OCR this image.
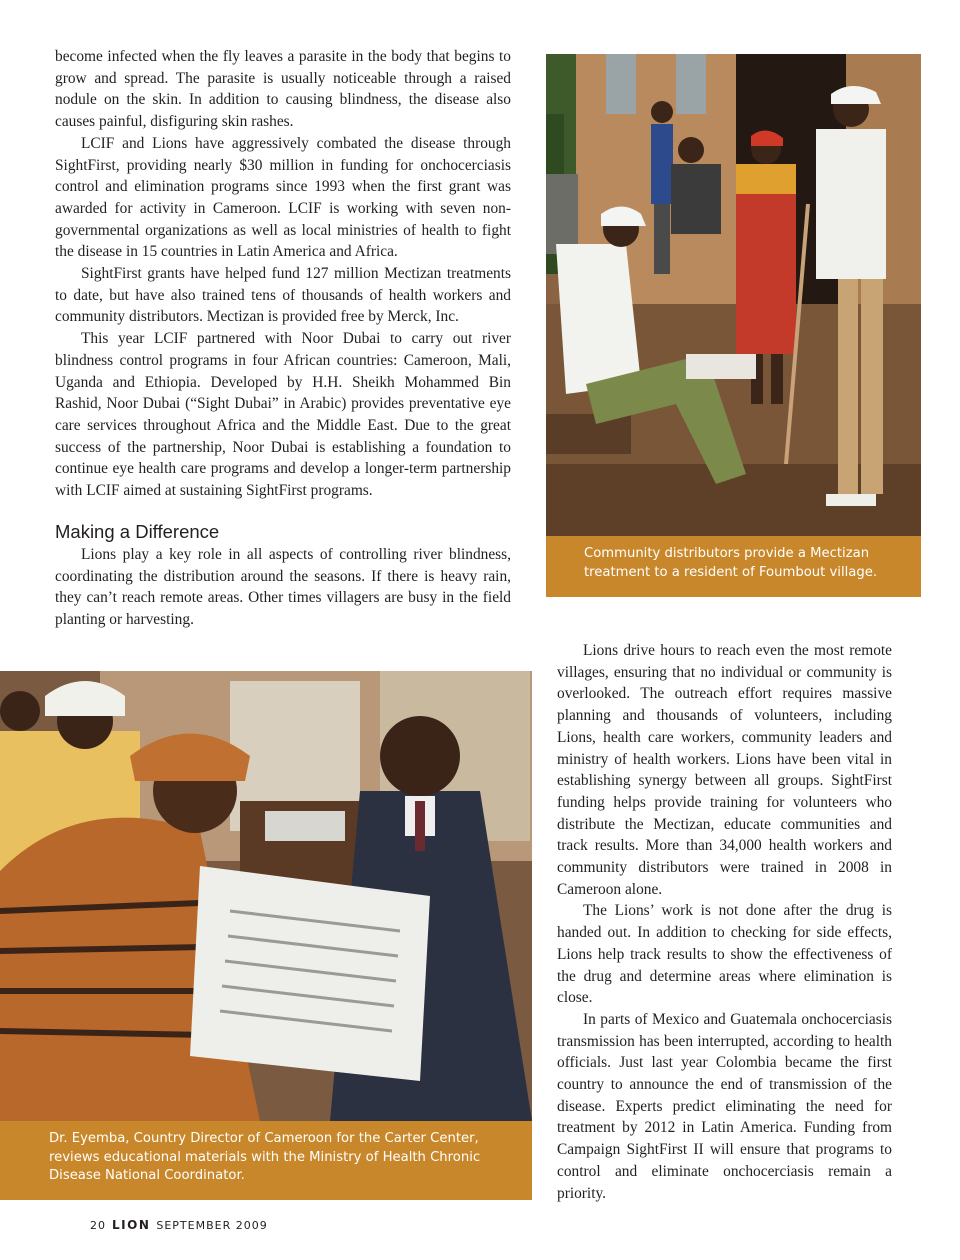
become infected when the fly leaves a parasite in the body that begins to grow and spread. The parasite is usually noticeable through a raised nodule on the skin. In addition to causing blindness, the disease also causes painful, disfiguring skin rashes.

LCIF and Lions have aggressively combated the disease through SightFirst, providing nearly $30 million in funding for onchocerciasis control and elimination programs since 1993 when the first grant was awarded for activity in Cameroon. LCIF is working with seven non-governmental organizations as well as local ministries of health to fight the disease in 15 countries in Latin America and Africa.

SightFirst grants have helped fund 127 million Mectizan treatments to date, but have also trained tens of thousands of health workers and community distributors. Mectizan is provided free by Merck, Inc.

This year LCIF partnered with Noor Dubai to carry out river blindness control programs in four African countries: Cameroon, Mali, Uganda and Ethiopia. Developed by H.H. Sheikh Mohammed Bin Rashid, Noor Dubai (“Sight Dubai” in Arabic) provides preventative eye care services throughout Africa and the Middle East. Due to the great success of the partnership, Noor Dubai is establishing a foundation to continue eye health care programs and develop a longer-term partnership with LCIF aimed at sustaining SightFirst programs.

Making a Difference

Lions play a key role in all aspects of controlling river blindness, coordinating the distribution around the seasons. If there is heavy rain, they can’t reach remote areas. Other times villagers are busy in the field planting or harvesting.

Community distributors provide a Mectizan treatment to a resident of Foumbout village.
Dr. Eyemba, Country Director of Cameroon for the Carter Center, reviews educational materials with the Ministry of Health Chronic Disease National Coordinator.

Lions drive hours to reach even the most remote villages, ensuring that no individual or community is overlooked. The outreach effort requires massive planning and thousands of volunteers, including Lions, health care workers, community leaders and ministry of health workers. Lions have been vital in establishing synergy between all groups. SightFirst funding helps provide training for volunteers who distribute the Mectizan, educate communities and track results. More than 34,000 health workers and community distributors were trained in 2008 in Cameroon alone.

The Lions’ work is not done after the drug is handed out. In addition to checking for side effects, Lions help track results to show the effectiveness of the drug and determine areas where elimination is close.

In parts of Mexico and Guatemala onchocerciasis transmission has been interrupted, according to health officials. Just last year Colombia became the first country to announce the end of transmission of the disease. Experts predict eliminating the need for treatment by 2012 in Latin America. Funding from Campaign SightFirst II will ensure that programs to control and eliminate onchocerciasis remain a priority.

20 LION SEPTEMBER 2009
